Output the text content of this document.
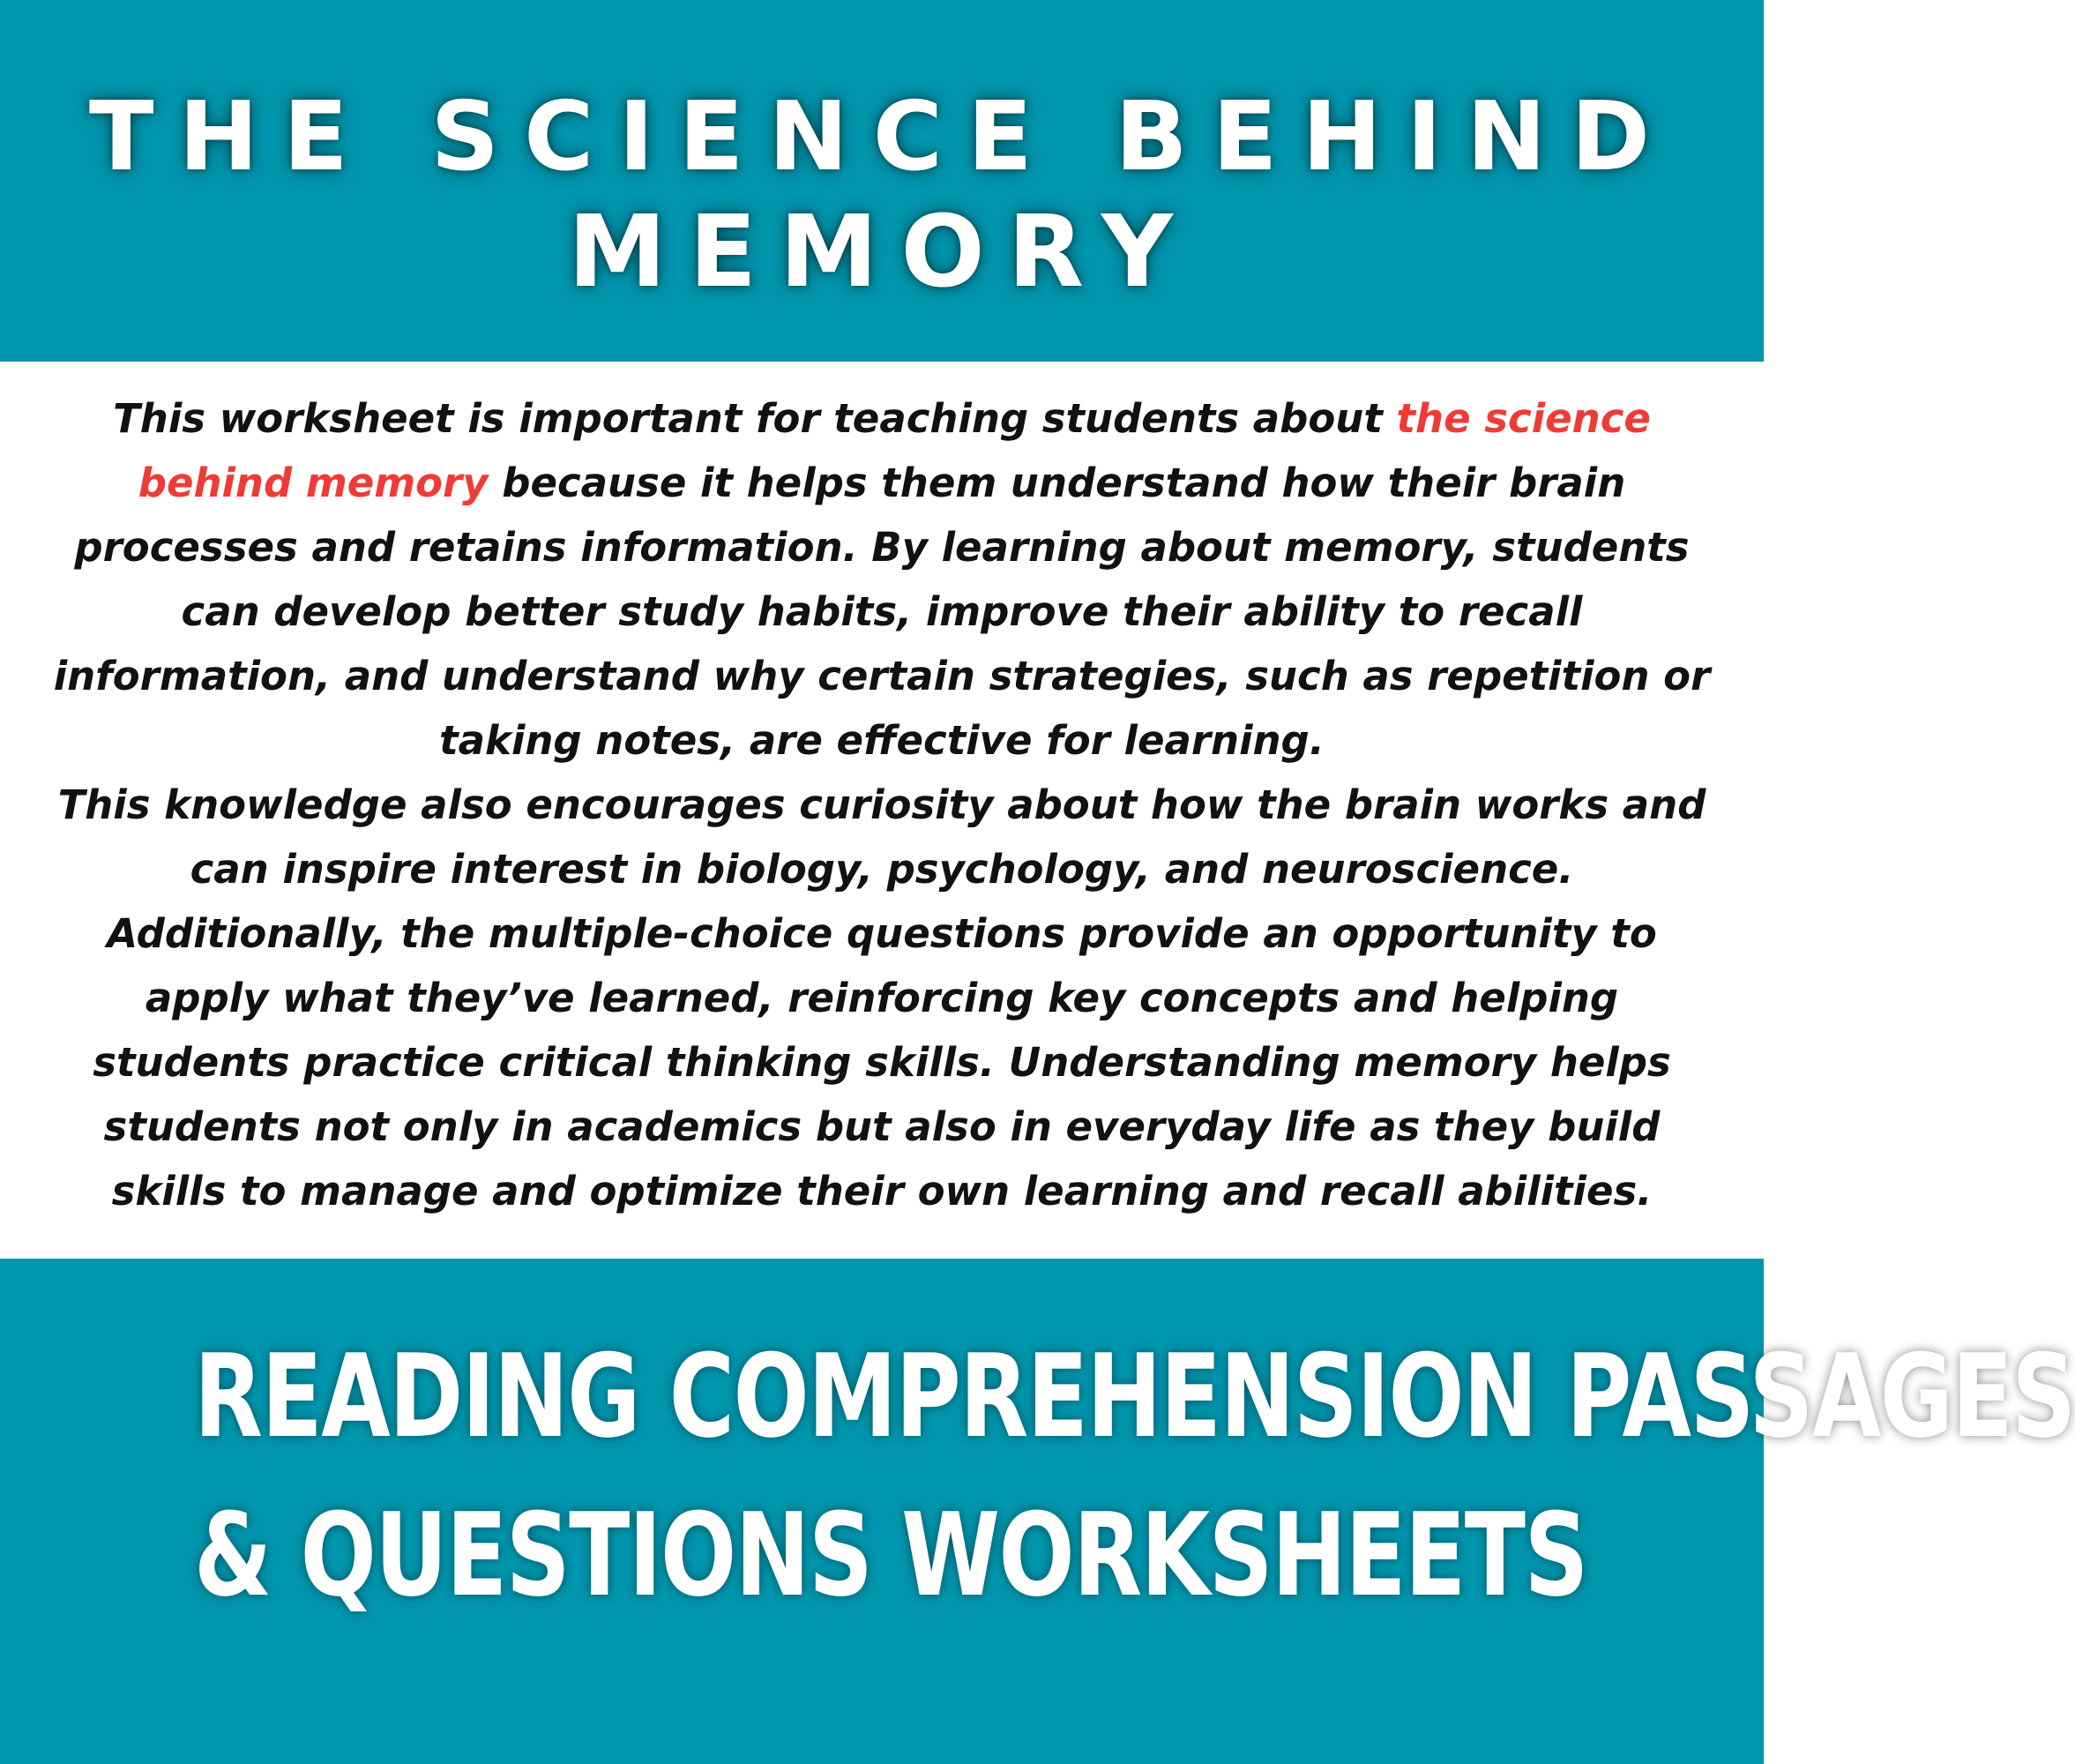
THE SCIENCE BEHIND
MEMORY

This worksheet is important for teaching students about the science behind memory because it helps them understand how their brain processes and retains information. By learning about memory, students can develop better study habits, improve their ability to recall information, and understand why certain strategies, such as repetition or taking notes, are effective for learning.
This knowledge also encourages curiosity about how the brain works and can inspire interest in biology, psychology, and neuroscience. Additionally, the multiple-choice questions provide an opportunity to apply what they’ve learned, reinforcing key concepts and helping students practice critical thinking skills. Understanding memory helps students not only in academics but also in everyday life as they build skills to manage and optimize their own learning and recall abilities.

READING COMPREHENSION PASSAGES
& QUESTIONS WORKSHEETS
